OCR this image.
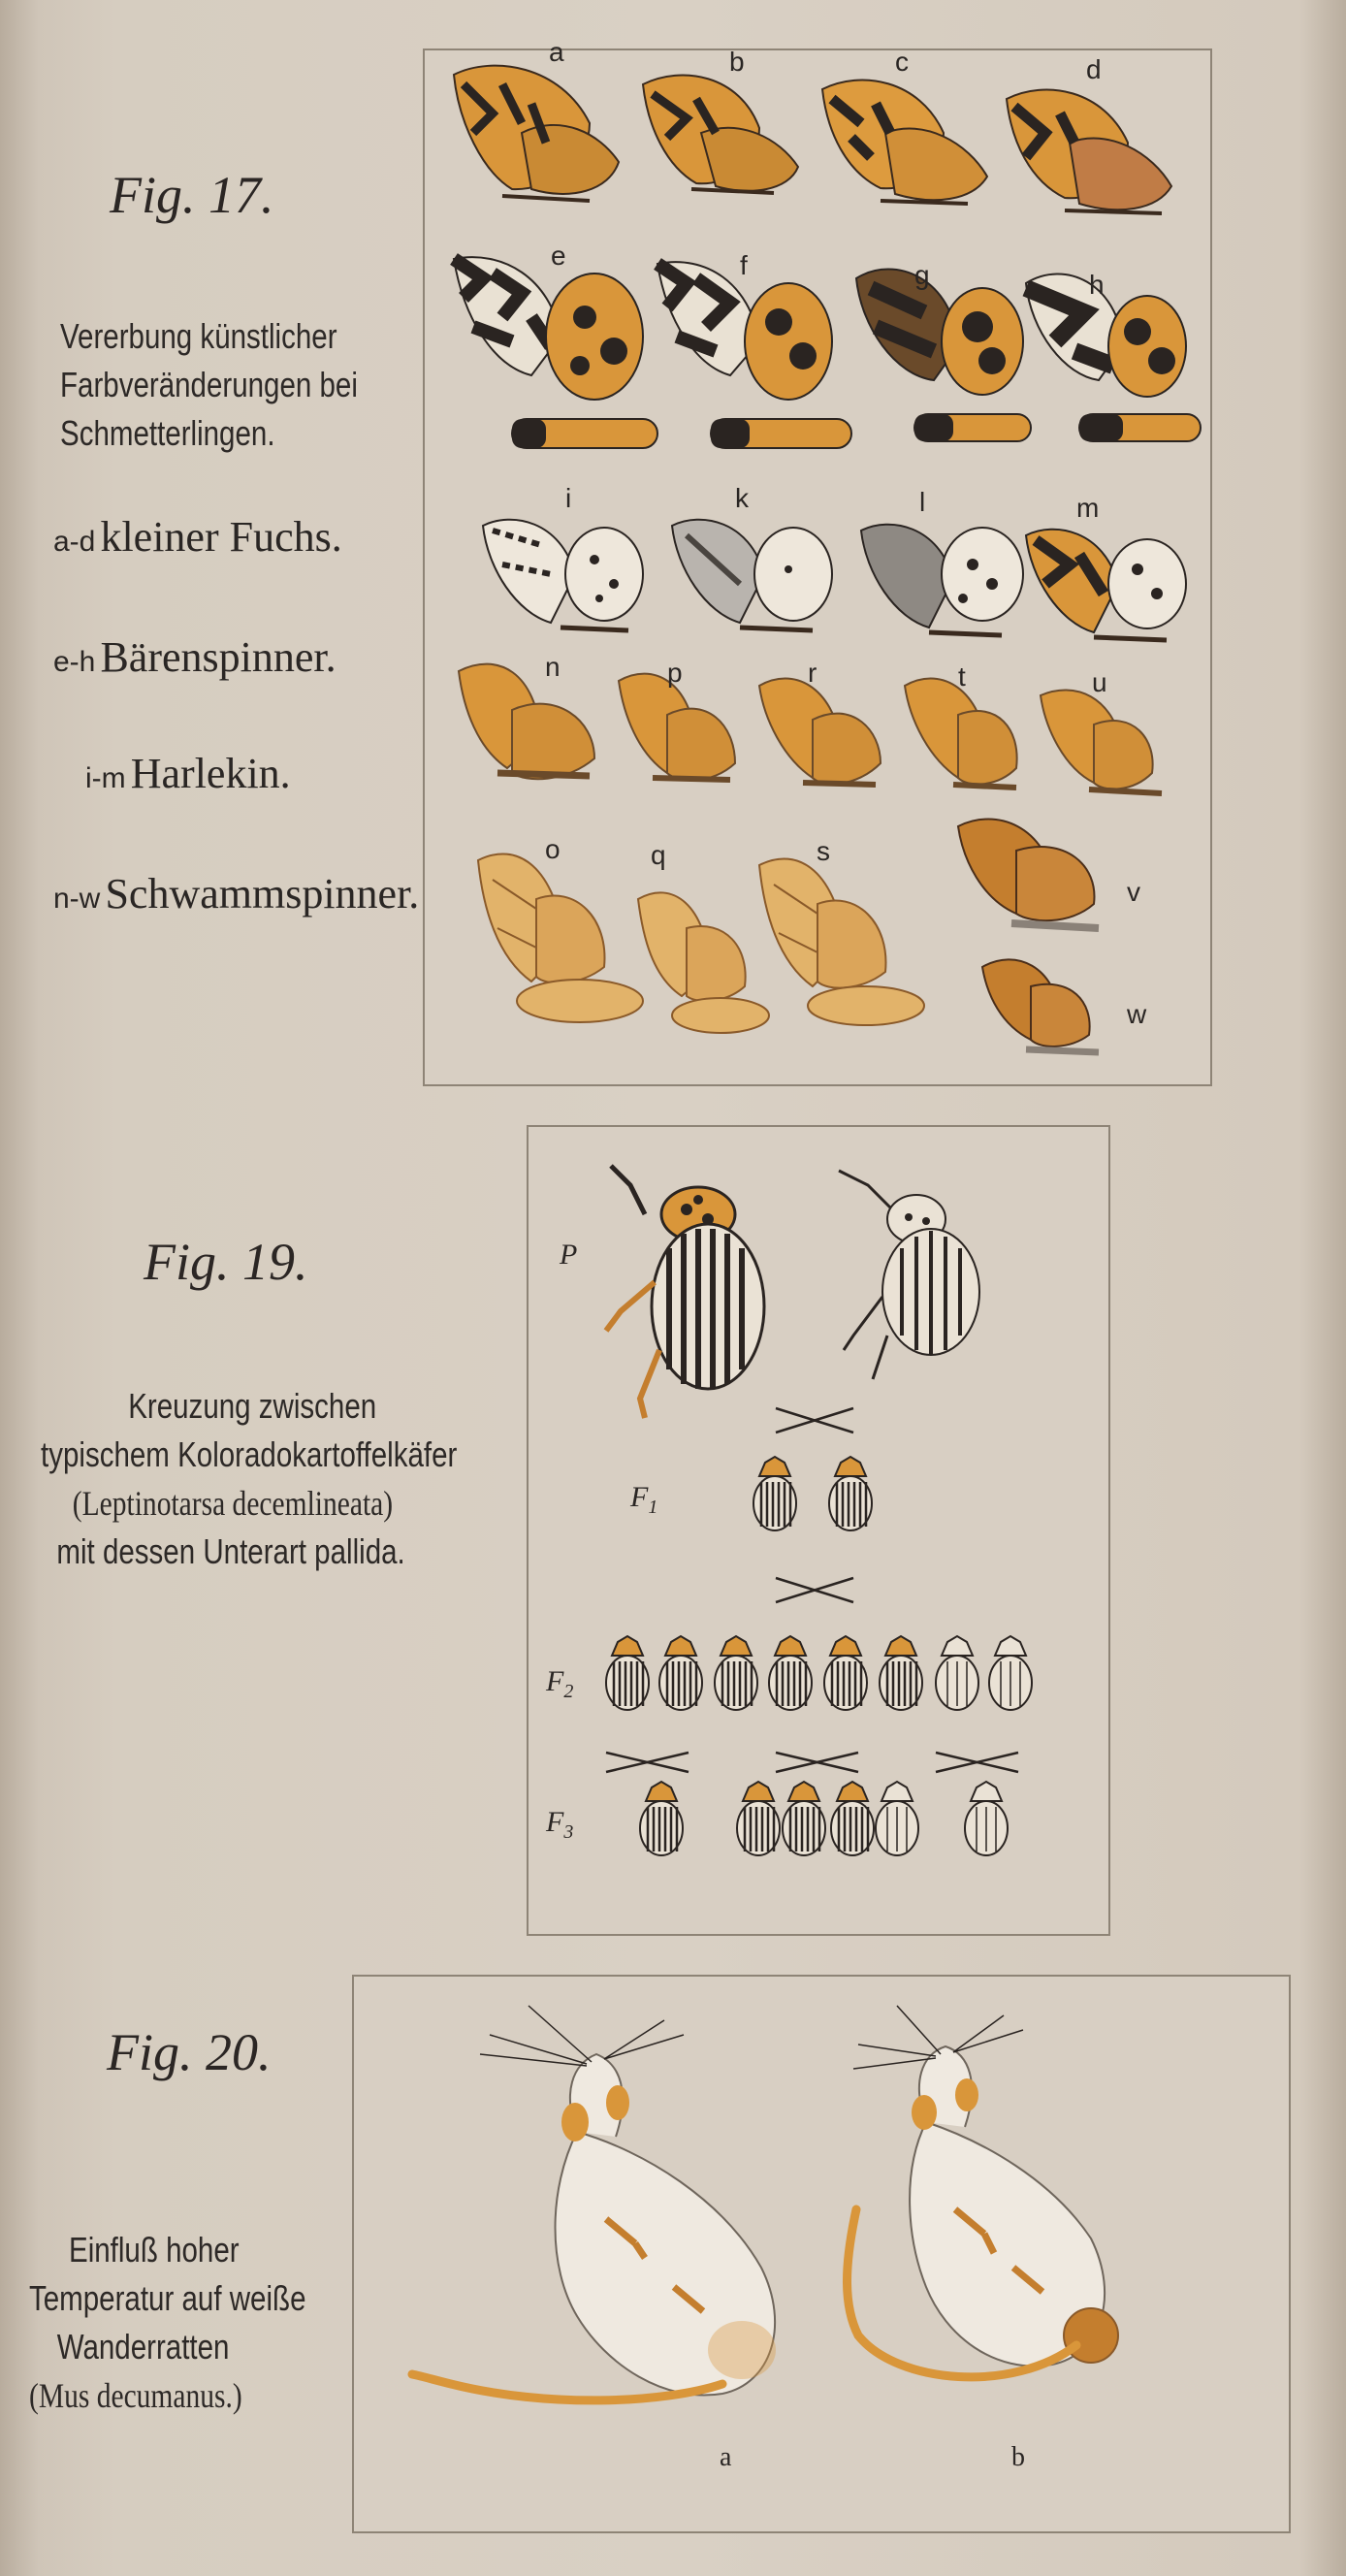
Fig. 17.
Vererbung künstlicher
Farbveränderungen bei
Schmetterlingen.
a-d kleiner Fuchs.
e-h Bärenspinner.
i-m Harlekin.
n-w Schwammspinner.
a	b	c	d
e	f	g	h
i	k	l	m
n	p	r	t	u
o	q	s
v
w
Fig. 19.
Kreuzung zwischen
typischem Koloradokartoffelkäfer
(Leptinotarsa decemlineata)
mit dessen Unterart pallida.
P
$F_1$
$F_2$
$F_3$
Fig. 20.
Einfluß hoher
Temperatur auf weiße
Wanderratten
(Mus decumanus.)
a	b
